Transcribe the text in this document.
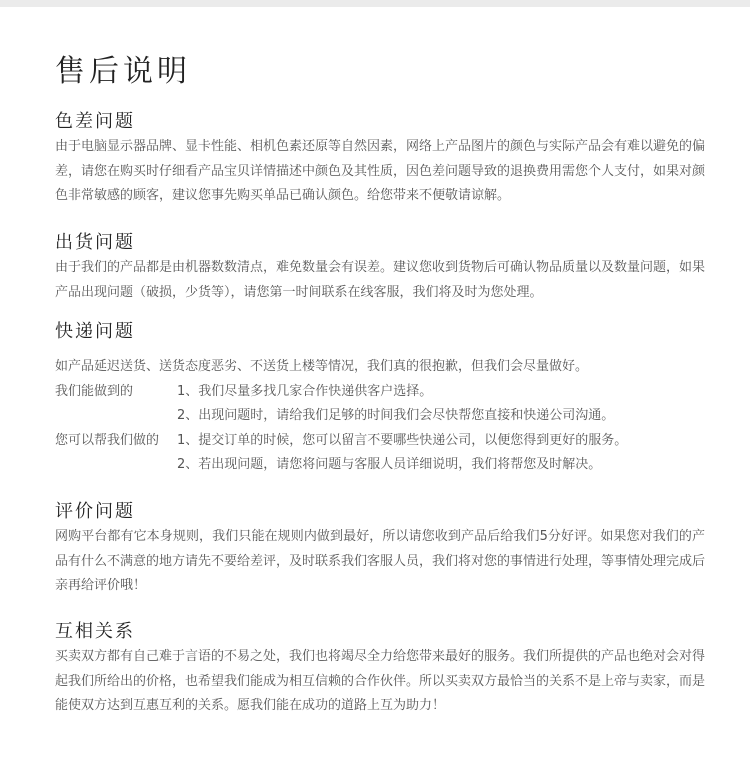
售后说明
色差问题

由于电脑显示器品牌、显卡性能、相机色素还原等自然因素，网络上产品图片的颜色与实际产品会有难以避免的偏差，请您在购买时仔细看产品宝贝详情描述中颜色及其性质，因色差问题导致的退换费用需您个人支付，如果对颜色非常敏感的顾客，建议您事先购买单品已确认颜色。给您带来不便敬请谅解。

出货问题

由于我们的产品都是由机器数数清点，难免数量会有误差。建议您收到货物后可确认物品质量以及数量问题，如果产品出现问题（破损，少货等），请您第一时间联系在线客服，我们将及时为您处理。

快递问题

如产品延迟送货、送货态度恶劣、不送货上楼等情况，我们真的很抱歉，但我们会尽量做好。

我们能做到的	1、我们尽量多找几家合作快递供客户选择。
2、出现问题时，请给我们足够的时间我们会尽快帮您直接和快递公司沟通。
您可以帮我们做的	1、提交订单的时候，您可以留言不要哪些快递公司，以便您得到更好的服务。
2、若出现问题，请您将问题与客服人员详细说明，我们将帮您及时解决。
评价问题

网购平台都有它本身规则，我们只能在规则内做到最好，所以请您收到产品后给我们5分好评。如果您对我们的产品有什么不满意的地方请先不要给差评，及时联系我们客服人员，我们将对您的事情进行处理，等事情处理完成后亲再给评价哦！

互相关系

买卖双方都有自己难于言语的不易之处，我们也将竭尽全力给您带来最好的服务。我们所提供的产品也绝对会对得起我们所给出的价格，也希望我们能成为相互信赖的合作伙伴。所以买卖双方最恰当的关系不是上帝与卖家，而是能使双方达到互惠互利的关系。愿我们能在成功的道路上互为助力！
